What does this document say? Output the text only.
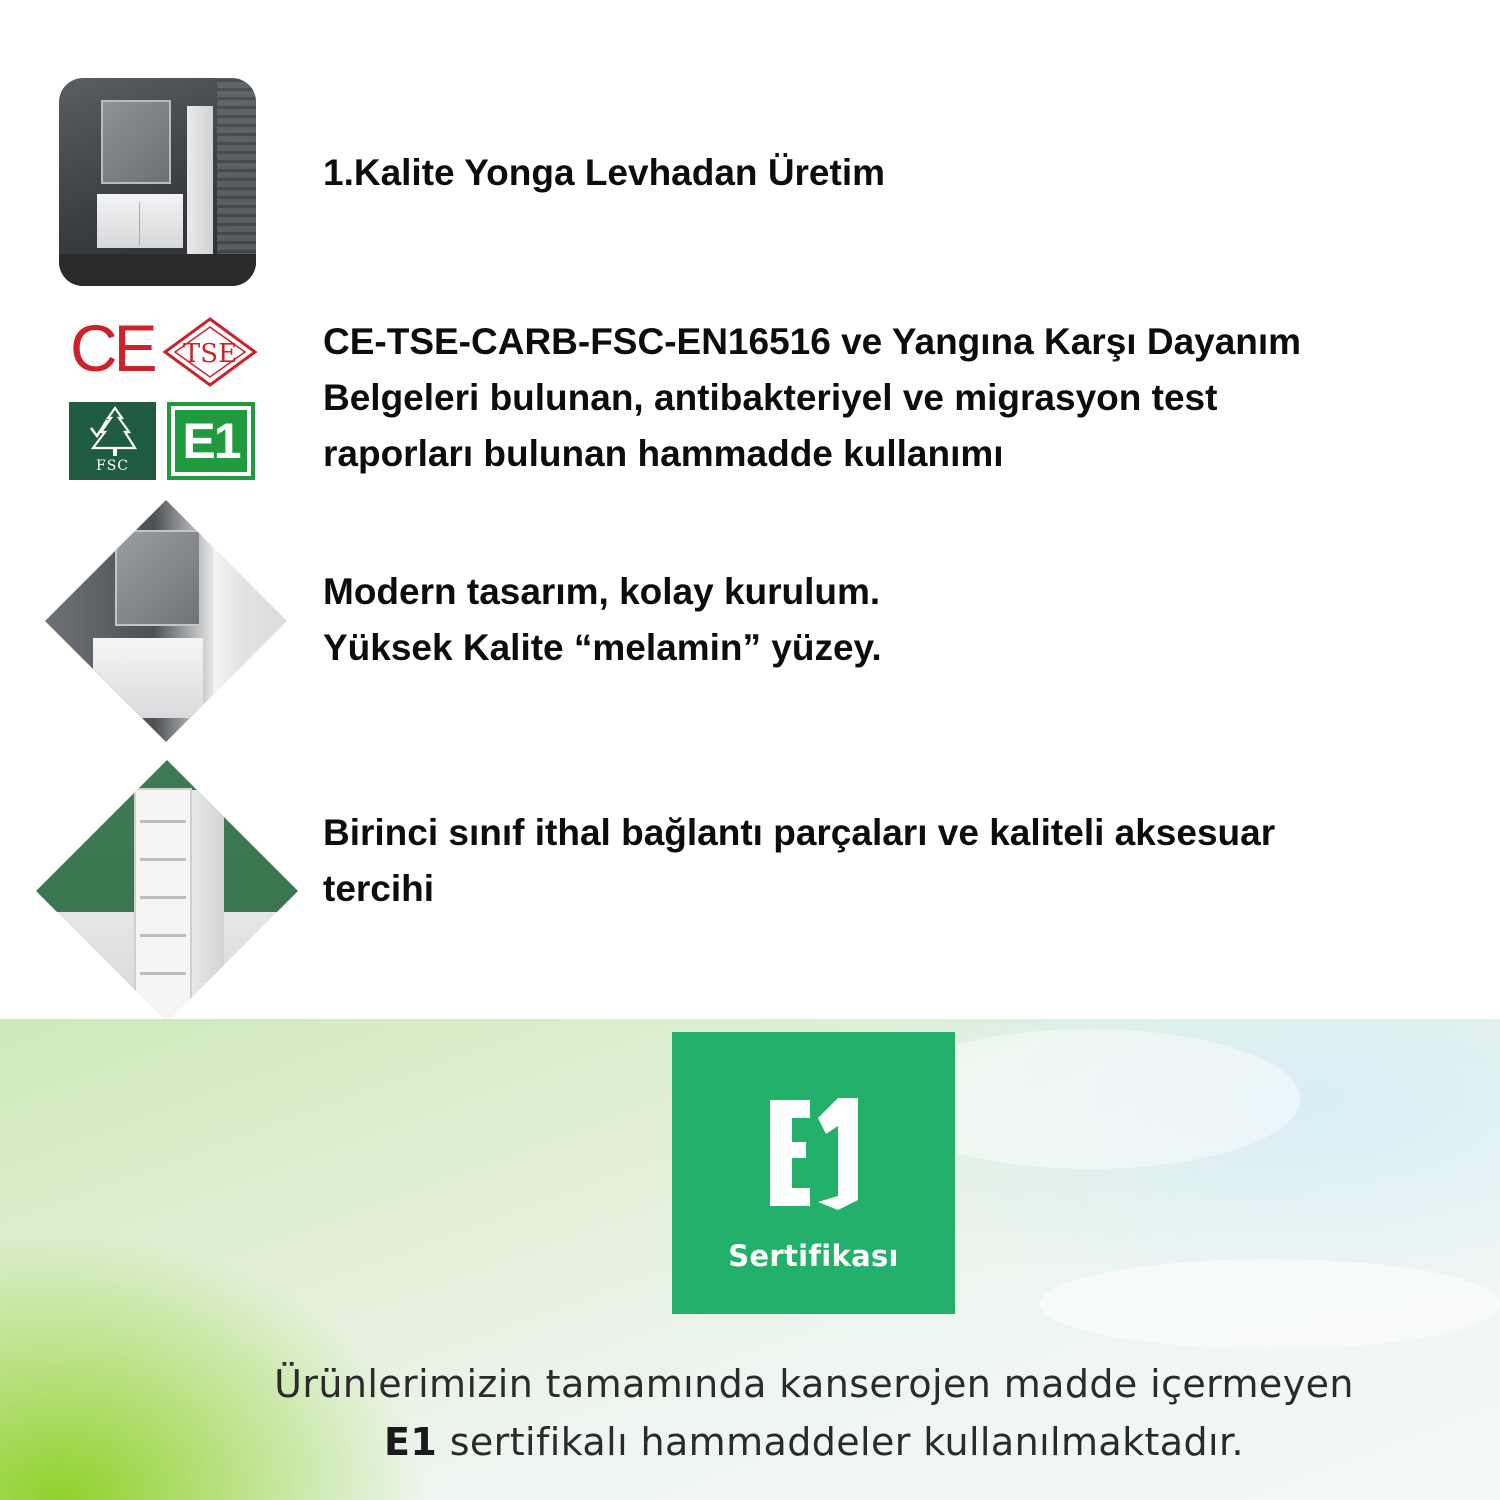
1.Kalite Yonga Levhadan Üretim
CE TSE
FSC	E1
CE-TSE-CARB-FSC-EN16516 ve Yangına Karşı Dayanım
Belgeleri bulunan, antibakteriyel ve migrasyon test
raporları bulunan hammadde kullanımı
Modern tasarım, kolay kurulum.
Yüksek Kalite “melamin” yüzey.
Birinci sınıf ithal bağlantı parçaları ve kaliteli aksesuar
tercihi
Sertifikası
Ürünlerimizin tamamında kanserojen madde içermeyen
E1 sertifikalı hammaddeler kullanılmaktadır.
